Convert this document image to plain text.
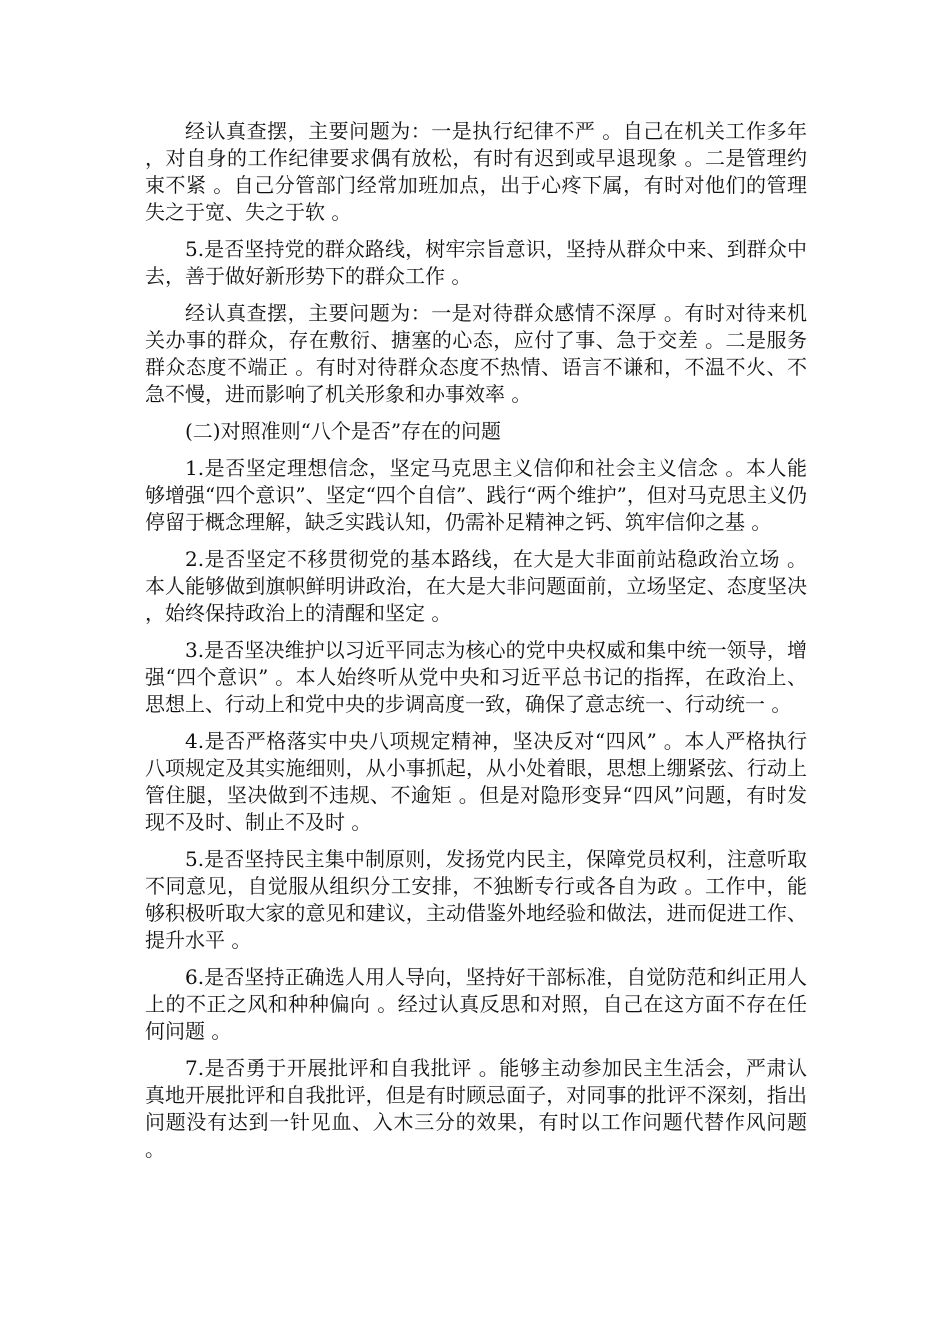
经认真查摆，主要问题为：一是执行纪律不严 。自己在机关工作多年，对自身的工作纪律要求偶有放松，有时有迟到或早退现象 。二是管理约束不紧 。自己分管部门经常加班加点，出于心疼下属，有时对他们的管理失之于宽、失之于软 。

5.是否坚持党的群众路线，树牢宗旨意识，坚持从群众中来、到群众中去，善于做好新形势下的群众工作 。

经认真查摆，主要问题为：一是对待群众感情不深厚 。有时对待来机关办事的群众，存在敷衍、搪塞的心态，应付了事、急于交差 。二是服务群众态度不端正 。有时对待群众态度不热情、语言不谦和，不温不火、不急不慢，进而影响了机关形象和办事效率 。

(二)对照准则“八个是否”存在的问题

1.是否坚定理想信念，坚定马克思主义信仰和社会主义信念 。本人能够增强“四个意识”、坚定“四个自信”、践行“两个维护”，但对马克思主义仍停留于概念理解，缺乏实践认知，仍需补足精神之钙、筑牢信仰之基 。

2.是否坚定不移贯彻党的基本路线，在大是大非面前站稳政治立场 。本人能够做到旗帜鲜明讲政治，在大是大非问题面前，立场坚定、态度坚决，始终保持政治上的清醒和坚定 。

3.是否坚决维护以习近平同志为核心的党中央权威和集中统一领导，增强“四个意识” 。本人始终听从党中央和习近平总书记的指挥，在政治上、思想上、行动上和党中央的步调高度一致，确保了意志统一、行动统一 。

4.是否严格落实中央八项规定精神，坚决反对“四风” 。本人严格执行八项规定及其实施细则，从小事抓起，从小处着眼，思想上绷紧弦、行动上管住腿，坚决做到不违规、不逾矩 。但是对隐形变异“四风”问题，有时发现不及时、制止不及时 。

5.是否坚持民主集中制原则，发扬党内民主，保障党员权利，注意听取不同意见，自觉服从组织分工安排，不独断专行或各自为政 。工作中，能够积极听取大家的意见和建议，主动借鉴外地经验和做法，进而促进工作、提升水平 。

6.是否坚持正确选人用人导向，坚持好干部标准，自觉防范和纠正用人上的不正之风和种种偏向 。经过认真反思和对照，自己在这方面不存在任何问题 。

7.是否勇于开展批评和自我批评 。能够主动参加民主生活会，严肃认真地开展批评和自我批评，但是有时顾忌面子，对同事的批评不深刻，指出问题没有达到一针见血、入木三分的效果，有时以工作问题代替作风问题 。
